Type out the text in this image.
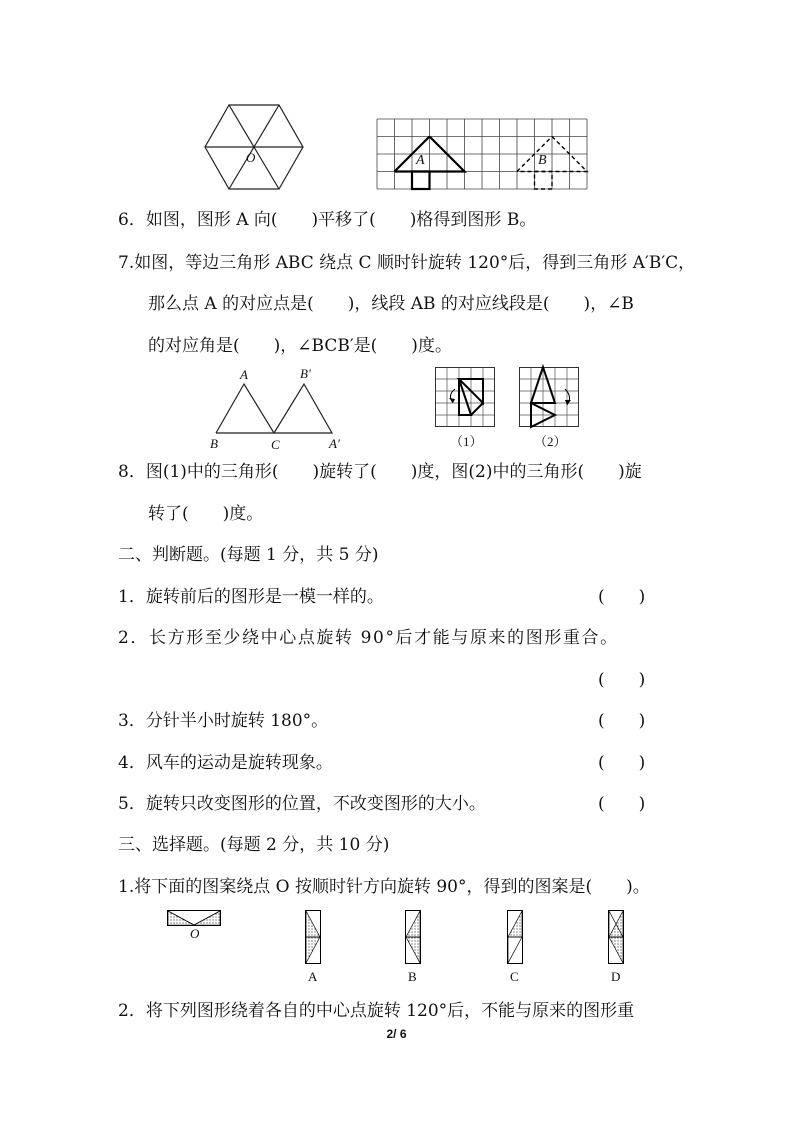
O	A	B
6．如图，图形 A 向(　　)平移了(　　)格得到图形 B。
7.如图，等边三角形 ABC 绕点 C 顺时针旋转 120°后，得到三角形 A′B′C，
那么点 A 的对应点是(　　)，线段 AB 的对应线段是(　　)，∠B
的对应角是(　　)，∠BCB′是(　　)度。
A	B′
B	C	A′	（1）	（2）
8．图(1)中的三角形(　　)旋转了(　　)度，图(2)中的三角形(　　)旋
转了(　　)度。
二、判断题。(每题 1 分，共 5 分)
1．旋转前后的图形是一模一样的。	(　　)
2．长方形至少绕中心点旋转 90°后才能与原来的图形重合。
(　　)
3．分针半小时旋转 180°。	(　　)
4．风车的运动是旋转现象。	(　　)
5．旋转只改变图形的位置，不改变图形的大小。	(　　)
三、选择题。(每题 2 分，共 10 分)
1.将下面的图案绕点 O 按顺时针方向旋转 90°，得到的图案是(　　)。
O
A	B	C	D
2．将下列图形绕着各自的中心点旋转 120°后，不能与原来的图形重
2/ 6
